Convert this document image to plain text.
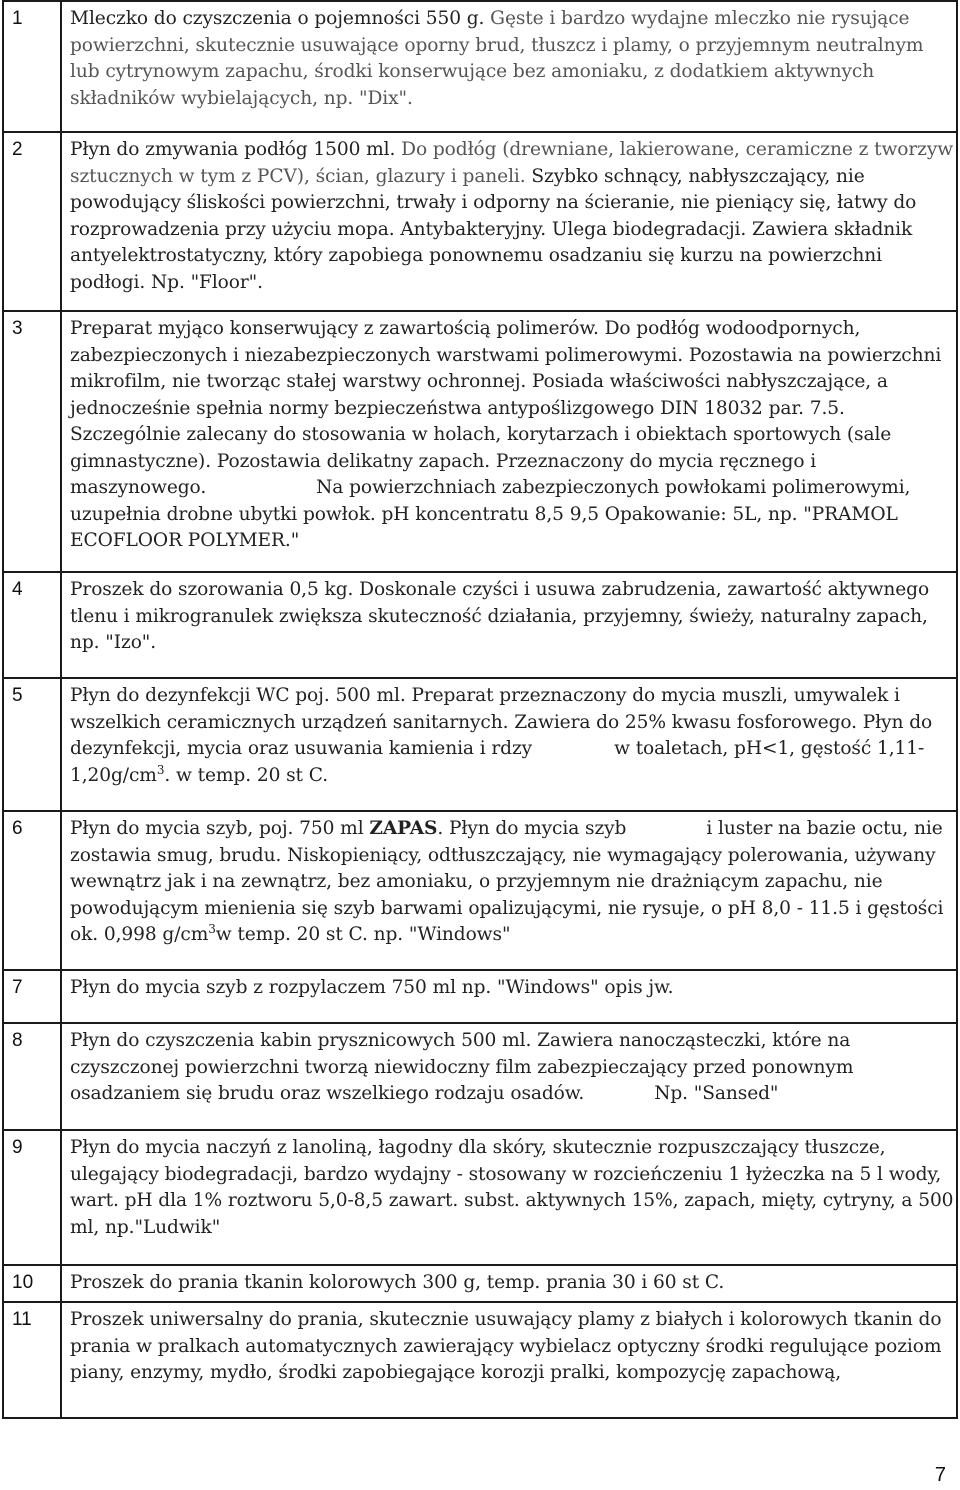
1	Mleczko do czyszczenia o pojemności 550 g. Gęste i bardzo wydajne mleczko nie rysujące powierzchni, skutecznie usuwające oporny brud, tłuszcz i plamy, o przyjemnym neutralnym lub cytrynowym zapachu, środki konserwujące bez amoniaku, z dodatkiem aktywnych składników wybielających, np. "Dix".
2	Płyn do zmywania podłóg 1500 ml. Do podłóg (drewniane, lakierowane, ceramiczne z tworzyw sztucznych w tym z PCV), ścian, glazury i paneli. Szybko schnący, nabłyszczający, nie powodujący śliskości powierzchni, trwały i odporny na ścieranie, nie pieniący się, łatwy do rozprowadzenia przy użyciu mopa. Antybakteryjny. Ulega biodegradacji. Zawiera składnik antyelektrostatyczny, który zapobiega ponownemu osadzaniu się kurzu na powierzchni podłogi. Np. "Floor".
3	Preparat myjąco konserwujący z zawartością polimerów. Do podłóg wodoodpornych, zabezpieczonych i niezabezpieczonych warstwami polimerowymi. Pozostawia na powierzchni mikrofilm, nie tworząc stałej warstwy ochronnej. Posiada właściwości nabłyszczające, a jednocześnie spełnia normy bezpieczeństwa antypoślizgowego DIN 18032 par. 7.5. Szczególnie zalecany do stosowania w holach, korytarzach i obiektach sportowych (sale gimnastyczne). Pozostawia delikatny zapach. Przeznaczony do mycia ręcznego i maszynowego. Na powierzchniach zabezpieczonych powłokami polimerowymi, uzupełnia drobne ubytki powłok. pH koncentratu 8,5 9,5 Opakowanie: 5L, np. "PRAMOL ECOFLOOR POLYMER."
4	Proszek do szorowania 0,5 kg. Doskonale czyści i usuwa zabrudzenia, zawartość aktywnego tlenu i mikrogranulek zwiększa skuteczność działania, przyjemny, świeży, naturalny zapach, np. "Izo".
5	Płyn do dezynfekcji WC poj. 500 ml. Preparat przeznaczony do mycia muszli, umywalek i wszelkich ceramicznych urządzeń sanitarnych. Zawiera do 25% kwasu fosforowego. Płyn do dezynfekcji, mycia oraz usuwania kamienia i rdzy w toaletach, pH<1, gęstość $1,11-1,20g/cm^3$. w temp. 20 st C.
6	Płyn do mycia szyb, poj. 750 ml ZAPAS. Płyn do mycia szyb i luster na bazie octu, nie zostawia smug, brudu. Niskopieniący, odtłuszczający, nie wymagający polerowania, używany wewnątrz jak i na zewnątrz, bez amoniaku, o przyjemnym nie drażniącym zapachu, nie powodującym mienienia się szyb barwami opalizującymi, nie rysuje, o pH 8,0 - 11.5 i gęstości ok. 0,998 $g/cm^3w$ temp. 20 st C. np. "Windows"
7	Płyn do mycia szyb z rozpylaczem 750 ml np. "Windows" opis jw.
8	Płyn do czyszczenia kabin prysznicowych 500 ml. Zawiera nanocząsteczki, które na czyszczonej powierzchni tworzą niewidoczny film zabezpieczający przed ponownym osadzaniem się brudu oraz wszelkiego rodzaju osadów. Np. "Sansed"
9	Płyn do mycia naczyń z lanoliną, łagodny dla skóry, skutecznie rozpuszczający tłuszcze, ulegający biodegradacji, bardzo wydajny - stosowany w rozcieńczeniu 1 łyżeczka na 5 l wody, wart. pH dla 1% roztworu 5,0-8,5 zawart. subst. aktywnych 15%, zapach, mięty, cytryny, a 500 ml, np."Ludwik"
10	Proszek do prania tkanin kolorowych 300 g, temp. prania 30 i 60 st C.
11	Proszek uniwersalny do prania, skutecznie usuwający plamy z białych i kolorowych tkanin do prania w pralkach automatycznych zawierający wybielacz optyczny środki regulujące poziom piany, enzymy, mydło, środki zapobiegające korozji pralki, kompozycję zapachową,
7
